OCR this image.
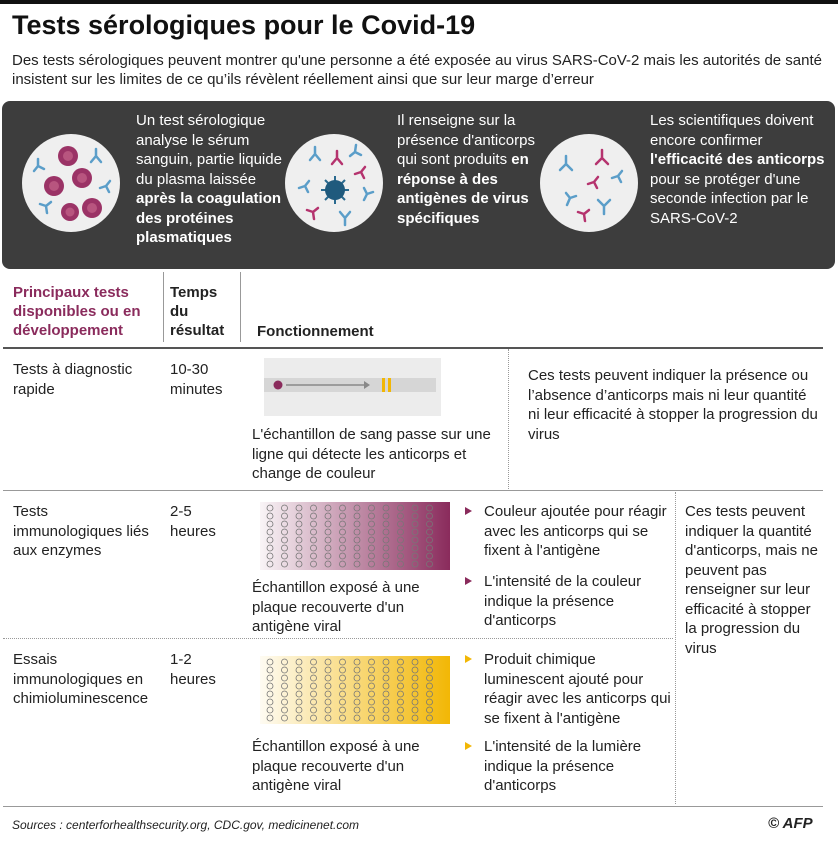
Tests sérologiques pour le Covid-19

Des tests sérologiques peuvent montrer qu'une personne a été exposée au virus SARS-CoV-2 mais les autorités de santé insistent sur les limites de ce qu’ils révèlent réellement ainsi que sur leur marge d’erreur

Un test sérologique analyse le sérum sanguin, partie liquide du plasma laissée après la coagulation des protéines plasmatiques

Il renseigne sur la présence d'anticorps qui sont produits en réponse à des antigènes de virus spécifiques

Les scientifiques doivent encore confirmer l'efficacité des anticorps pour se protéger d'une seconde infection par le SARS-CoV-2

Principaux tests disponibles ou en développement
Temps du résultat	Fonctionnement
Tests à diagnostic rapide
10-30 minutes
L'échantillon de sang passe sur une ligne qui détecte les anticorps et change de couleur
Ces tests peuvent indiquer la présence ou l’absence d’anticorps mais ni leur quantité ni leur efficacité à stopper la progression du virus
Tests immunologiques liés aux enzymes
2-5 heures
Échantillon exposé à une plaque recouverte d'un antigène viral
Couleur ajoutée pour réagir avec les anticorps qui se fixent à l'antigène
L'intensité de la couleur indique la présence d'anticorps
Ces tests peuvent indiquer la quantité d'anticorps, mais ne peuvent pas renseigner sur leur efficacité à stopper la progression du virus
Essais immunologiques en chimioluminescence
1-2 heures
Échantillon exposé à une plaque recouverte d'un antigène viral
Produit chimique luminescent ajouté pour réagir avec les anticorps qui se fixent à l'antigène
L'intensité de la lumière indique la présence d'anticorps
Sources : centerforhealthsecurity.org, CDC.gov, medicinenet.com	© AFP
